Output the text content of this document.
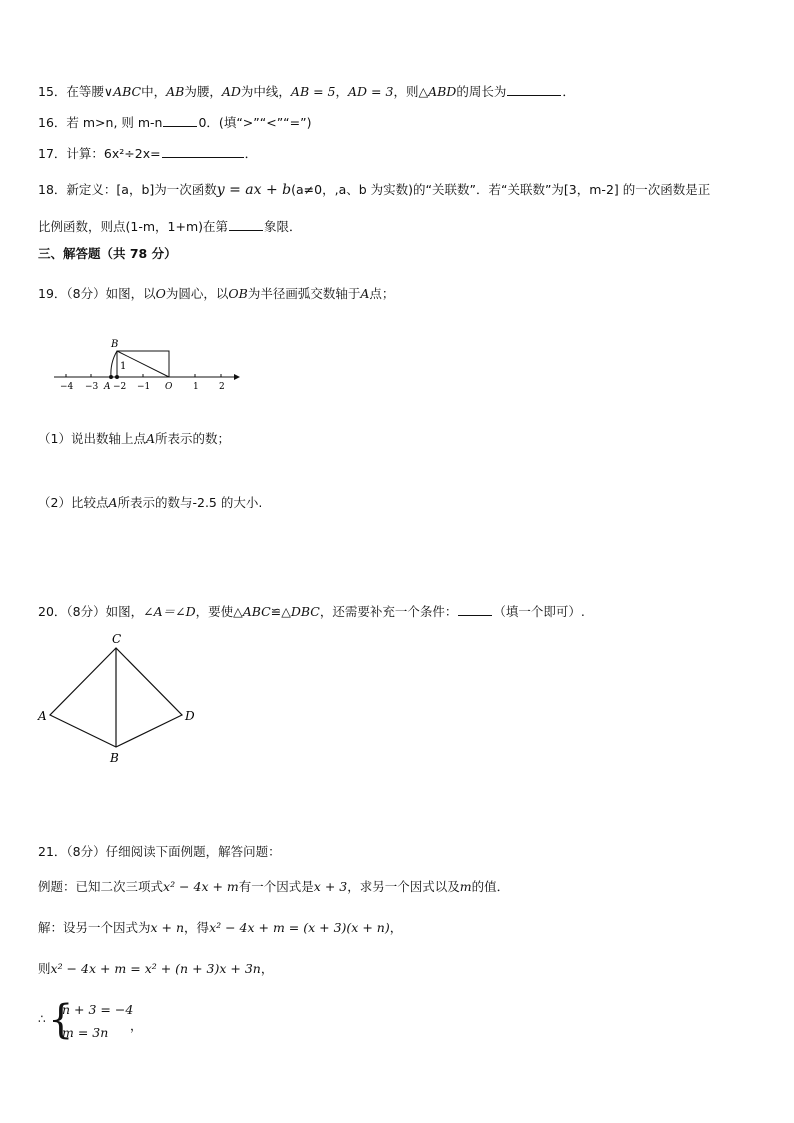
15．在等腰∨ABC中，AB为腰，AD为中线，AB = 5，AD = 3，则△ABD的周长为	．
16．若 m>n, 则 m-n	0．(填“>”“<”“=”)
17．计算：6x²÷2x=	．
18．新定义：[a，b]为一次函数y = ax + b(a≠0，,a、b 为实数)的“关联数”．若“关联数”为[3，m-2] 的一次函数是正
比例函数，则点(1-m，1+m)在第	象限．
三、解答题（共 78 分）
19．（8分）如图，以O为圆心，以OB为半径画弧交数轴于A点；
B
1
−4 −3 A −2 −1 O 1 2
（1）说出数轴上点A所表示的数；
（2）比较点A所表示的数与-2.5 的大小.
20．（8分）如图，∠A＝∠D，要使△ABC≌△DBC，还需要补充一个条件：	（填一个即可）.
C
A	D
B
21．（8分）仔细阅读下面例题，解答问题：
例题：已知二次三项式x² − 4x + m有一个因式是x + 3，求另一个因式以及m的值．
解：设另一个因式为x + n，得x² − 4x + m = (x + 3)(x + n)，
则x² − 4x + m = x² + (n + 3)x + 3n，
∴ {
n + 3 = −4
m = 3n ，
